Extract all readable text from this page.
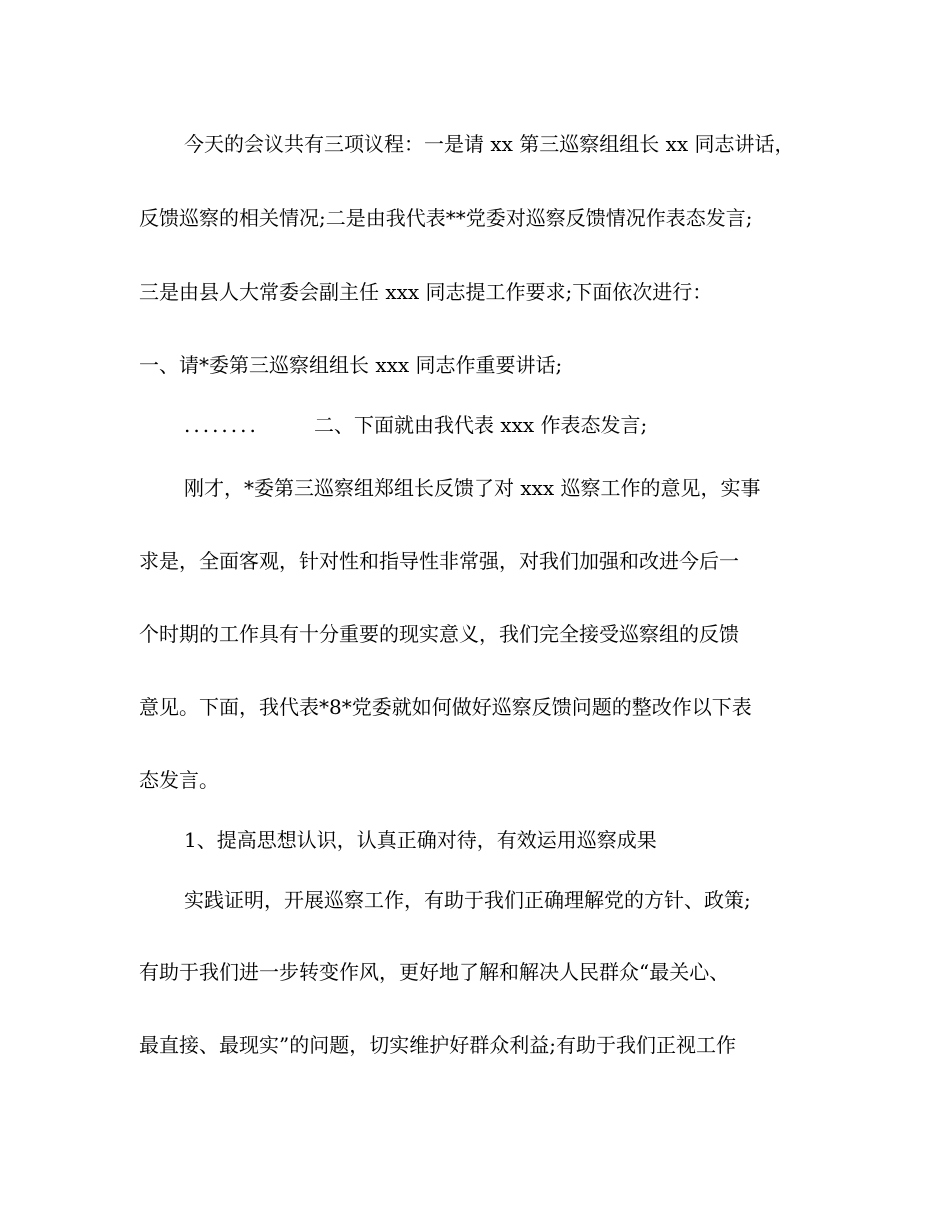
今天的会议共有三项议程：一是请 xx 第三巡察组组长 xx 同志讲话，
反馈巡察的相关情况;二是由我代表**党委对巡察反馈情况作表态发言;
三是由县人大常委会副主任 xxx 同志提工作要求;下面依次进行：
一、请*委第三巡察组组长 xxx 同志作重要讲话;
........	二、下面就由我代表 xxx 作表态发言;
刚才，*委第三巡察组郑组长反馈了对 xxx 巡察工作的意见，实事
求是，全面客观，针对性和指导性非常强，对我们加强和改进今后一
个时期的工作具有十分重要的现实意义，我们完全接受巡察组的反馈
意见。下面，我代表*8*党委就如何做好巡察反馈问题的整改作以下表
态发言。
1、提高思想认识，认真正确对待，有效运用巡察成果
实践证明，开展巡察工作，有助于我们正确理解党的方针、政策;
有助于我们进一步转变作风，更好地了解和解决人民群众“最关心、
最直接、最现实”的问题，切实维护好群众利益;有助于我们正视工作
